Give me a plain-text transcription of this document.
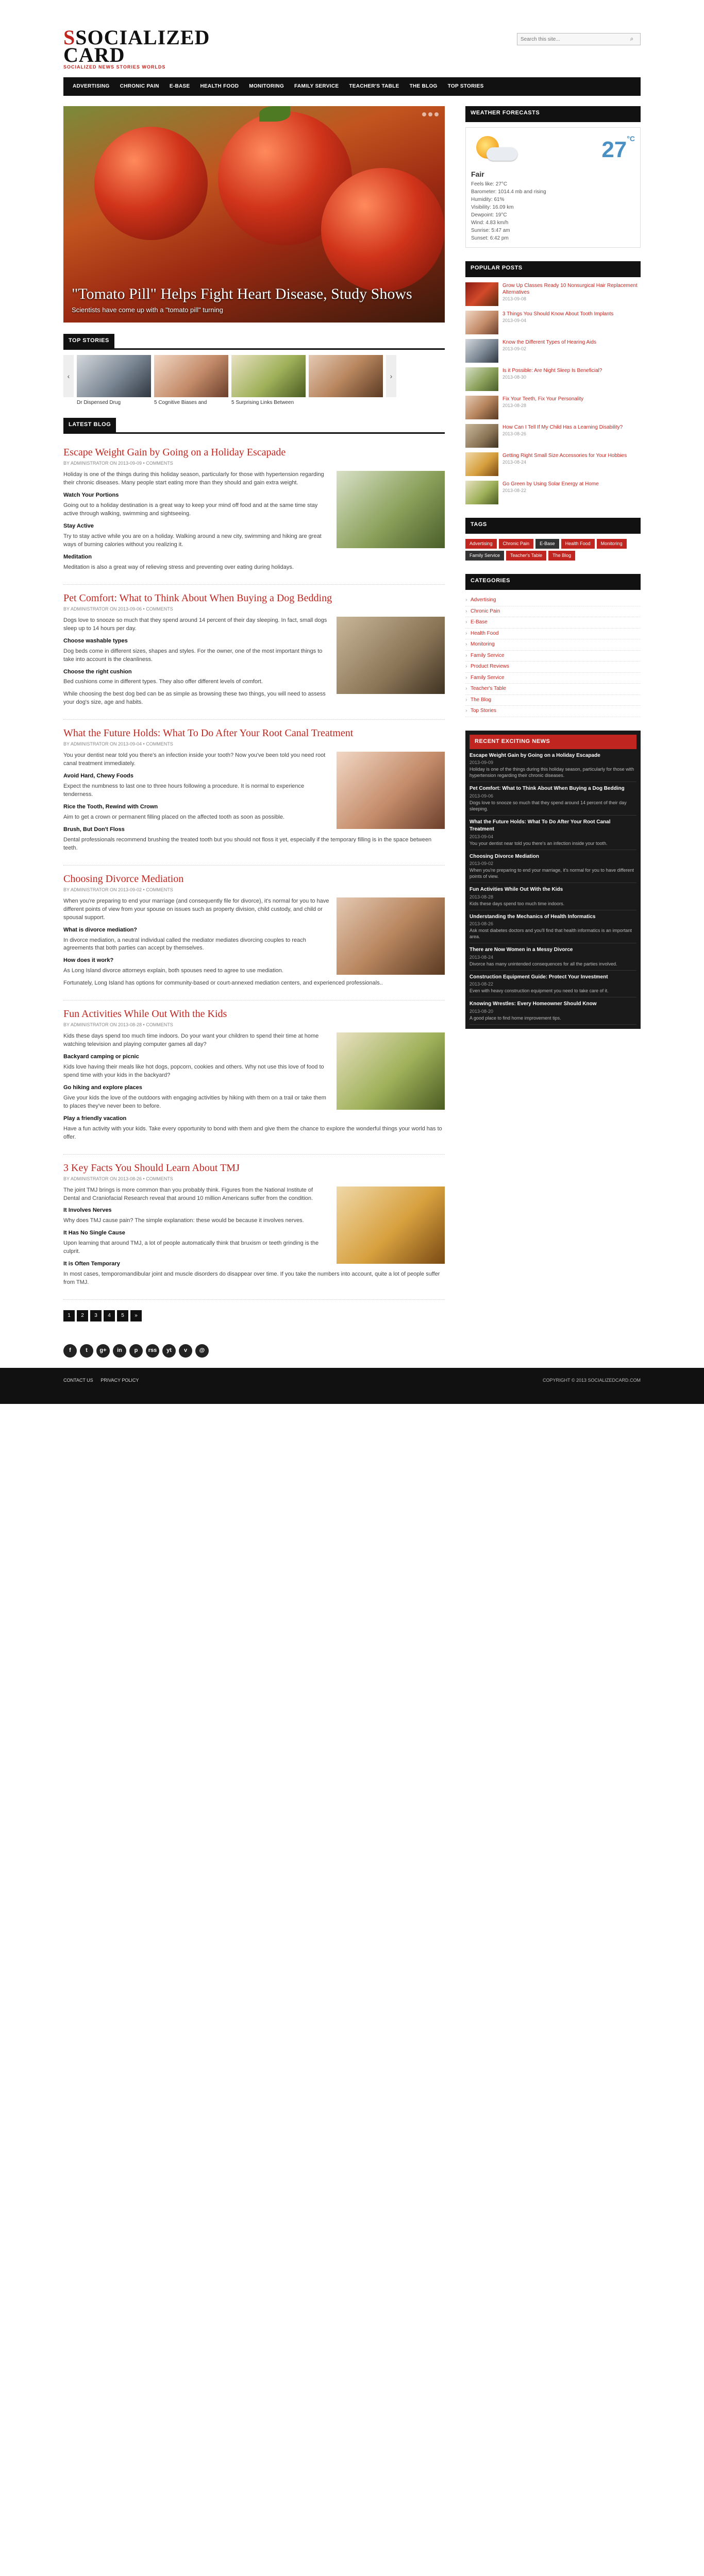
SSOCIALIZED
CARD
SOCIALIZED NEWS STORIES WORLDS
Search this site...
⌕
ADVERTISING	CHRONIC PAIN	E-BASE	HEALTH FOOD	MONITORING	FAMILY SERVICE	TEACHER'S TABLE	THE BLOG	TOP STORIES
"Tomato Pill" Helps Fight Heart Disease, Study Shows
Scientists have come up with a "tomato pill" turning
TOP STORIES
‹
Dr Dispensed Drug	5 Cognitive Biases and	5 Surprising Links Between
›
LATEST BLOG
Escape Weight Gain by Going on a Holiday Escapade
BY ADMINISTRATOR ON 2013-09-09 • COMMENTS

Holiday is one of the things during this holiday season, particularly for those with hypertension regarding their chronic diseases. Many people start eating more than they should and gain extra weight.

Watch Your Portions

Going out to a holiday destination is a great way to keep your mind off food and at the same time stay active through walking, swimming and sightseeing.

Stay Active

Try to stay active while you are on a holiday. Walking around a new city, swimming and hiking are great ways of burning calories without you realizing it.

Meditation

Meditation is also a great way of relieving stress and preventing over eating during holidays.

Pet Comfort: What to Think About When Buying a Dog Bedding
BY ADMINISTRATOR ON 2013-09-06 • COMMENTS

Dogs love to snooze so much that they spend around 14 percent of their day sleeping. In fact, small dogs sleep up to 14 hours per day.

Choose washable types

Dog beds come in different sizes, shapes and styles. For the owner, one of the most important things to take into account is the cleanliness.

Choose the right cushion

Bed cushions come in different types. They also offer different levels of comfort.

While choosing the best dog bed can be as simple as browsing these two things, you will need to assess your dog's size, age and habits.

What the Future Holds: What To Do After Your Root Canal Treatment
BY ADMINISTRATOR ON 2013-09-04 • COMMENTS

You your dentist near told you there's an infection inside your tooth? Now you've been told you need root canal treatment immediately.

Avoid Hard, Chewy Foods

Expect the numbness to last one to three hours following a procedure. It is normal to experience tenderness.

Rice the Tooth, Rewind with Crown

Aim to get a crown or permanent filling placed on the affected tooth as soon as possible.

Brush, But Don't Floss

Dental professionals recommend brushing the treated tooth but you should not floss it yet, especially if the temporary filling is in the space between teeth.

Choosing Divorce Mediation
BY ADMINISTRATOR ON 2013-09-02 • COMMENTS

When you're preparing to end your marriage (and consequently file for divorce), it's normal for you to have different points of view from your spouse on issues such as property division, child custody, and child or spousal support.

What is divorce mediation?

In divorce mediation, a neutral individual called the mediator mediates divorcing couples to reach agreements that both parties can accept by themselves.

How does it work?

As Long Island divorce attorneys explain, both spouses need to agree to use mediation.

Fortunately, Long Island has options for community-based or court-annexed mediation centers, and experienced professionals..

Fun Activities While Out With the Kids
BY ADMINISTRATOR ON 2013-08-28 • COMMENTS

Kids these days spend too much time indoors. Do your want your children to spend their time at home watching television and playing computer games all day?

Backyard camping or picnic

Kids love having their meals like hot dogs, popcorn, cookies and others. Why not use this love of food to spend time with your kids in the backyard?

Go hiking and explore places

Give your kids the love of the outdoors with engaging activities by hiking with them on a trail or take them to places they've never been to before.

Play a friendly vacation

Have a fun activity with your kids. Take every opportunity to bond with them and give them the chance to explore the wonderful things your world has to offer.

3 Key Facts You Should Learn About TMJ
BY ADMINISTRATOR ON 2013-08-26 • COMMENTS

The joint TMJ brings is more common than you probably think. Figures from the National Institute of Dental and Craniofacial Research reveal that around 10 million Americans suffer from the condition.

It Involves Nerves

Why does TMJ cause pain? The simple explanation: these would be because it involves nerves.

It Has No Single Cause

Upon learning that around TMJ, a lot of people automatically think that bruxism or teeth grinding is the culprit.

It is Often Temporary

In most cases, temporomandibular joint and muscle disorders do disappear over time. If you take the numbers into account, quite a lot of people suffer from TMJ.

1	2	3	4	5	»
WEATHER FORECASTS
$27^{^\circ C}$
Fair
Feels like: 27°C
Barometer: 1014.4 mb and rising
Humidity: 61%
Visibility: 16.09 km
Dewpoint: 19°C
Wind: 4.83 km/h
Sunrise: 5:47 am
Sunset: 6:42 pm
POPULAR POSTS
Grow Up Classes Ready 10 Nonsurgical Hair Replacement Alternatives
2013-09-08
3 Things You Should Know About Tooth Implants
2013-09-04
Know the Different Types of Hearing Aids
2013-09-02
Is it Possible: Are Night Sleep Is Beneficial?
2013-08-30
Fix Your Teeth, Fix Your Personality
2013-08-28
How Can I Tell If My Child Has a Learning Disability?
2013-08-26
Getting Right Small Size Accessories for Your Hobbies
2013-08-24
Go Green by Using Solar Energy at Home
2013-08-22
TAGS
Advertising	Chronic Pain	E-Base	Health Food	Monitoring
Family Service	Teacher's Table	The Blog
CATEGORIES
› Advertising
› Chronic Pain
› E-Base
› Health Food
› Monitoring
› Family Service
› Product Reviews
› Family Service
› Teacher's Table
› The Blog
› Top Stories
RECENT EXCITING NEWS
Escape Weight Gain by Going on a Holiday Escapade
2013-09-09
Holiday is one of the things during this holiday season, particularly for those with hypertension regarding their chronic diseases.
Pet Comfort: What to Think About When Buying a Dog Bedding
2013-09-06
Dogs love to snooze so much that they spend around 14 percent of their day sleeping.
What the Future Holds: What To Do After Your Root Canal Treatment
2013-09-04
You your dentist near told you there's an infection inside your tooth.
Choosing Divorce Mediation
2013-09-02
When you're preparing to end your marriage, it's normal for you to have different points of view.
Fun Activities While Out With the Kids
2013-08-28
Kids these days spend too much time indoors.
Understanding the Mechanics of Health Informatics
2013-08-26
Ask most diabetes doctors and you'll find that health informatics is an important area.
There are Now Women in a Messy Divorce
2013-08-24
Divorce has many unintended consequences for all the parties involved.
Construction Equipment Guide: Protect Your Investment
2013-08-22
Even with heavy construction equipment you need to take care of it.
Knowing Wrestles: Every Homeowner Should Know
2013-08-20
A good place to find home improvement tips.
f	t	g+	in	p	rss	yt	v	@
CONTACT US PRIVACY POLICY	COPYRIGHT © 2013 SOCIALIZEDCARD.COM
